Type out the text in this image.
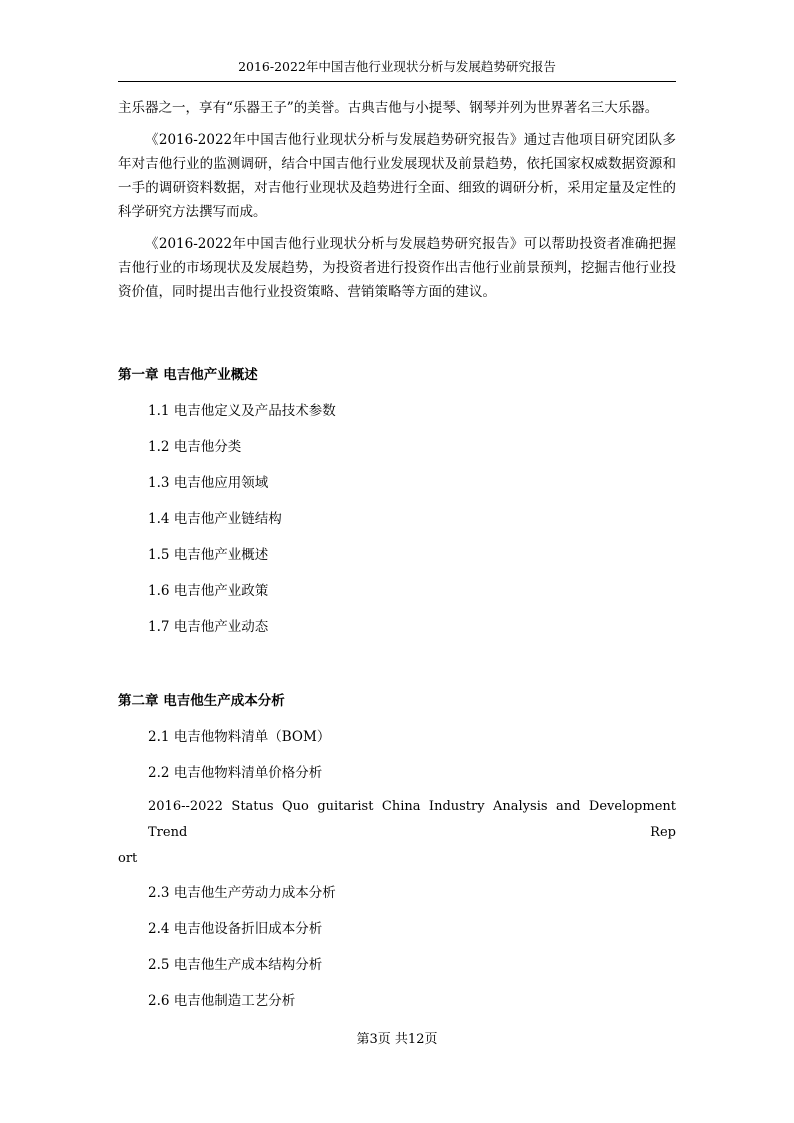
2016-2022年中国吉他行业现状分析与发展趋势研究报告

主乐器之一，享有“乐器王子”的美誉。古典吉他与小提琴、钢琴并列为世界著名三大乐器。

《2016-2022年中国吉他行业现状分析与发展趋势研究报告》通过吉他项目研究团队多年对吉他行业的监测调研，结合中国吉他行业发展现状及前景趋势，依托国家权威数据资源和一手的调研资料数据，对吉他行业现状及趋势进行全面、细致的调研分析，采用定量及定性的科学研究方法撰写而成。

《2016-2022年中国吉他行业现状分析与发展趋势研究报告》可以帮助投资者准确把握吉他行业的市场现状及发展趋势，为投资者进行投资作出吉他行业前景预判，挖掘吉他行业投资价值，同时提出吉他行业投资策略、营销策略等方面的建议。

第一章 电吉他产业概述

1.1 电吉他定义及产品技术参数

1.2 电吉他分类

1.3 电吉他应用领域

1.4 电吉他产业链结构

1.5 电吉他产业概述

1.6 电吉他产业政策

1.7 电吉他产业动态

第二章 电吉他生产成本分析

2.1 电吉他物料清单（BOM）

2.2 电吉他物料清单价格分析

2016--2022 Status Quo guitarist China Industry Analysis and Development Trend Rep

ort

2.3 电吉他生产劳动力成本分析

2.4 电吉他设备折旧成本分析

2.5 电吉他生产成本结构分析

2.6 电吉他制造工艺分析

第3页 共12页
